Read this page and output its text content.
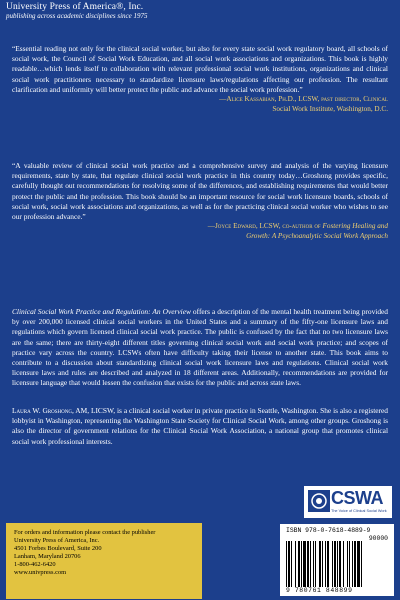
University Press of America®, Inc.
publishing across academic disciplines since 1975
“Essential reading not only for the clinical social worker, but also for every state social work regulatory board, all schools of social work, the Council of Social Work Education, and all social work associations and organizations. This book is highly readable…which lends itself to collaboration with relevant professional social work institutions, organizations and clinical social work practitioners necessary to standardize licensure laws/regulations affecting our profession. The resultant clarification and uniformity will better protect the public and advance the social work profession.”
—Alice Kassabian, Ph.D., LCSW, past director, Clinical
Social Work Institute, Washington, D.C.
“A valuable review of clinical social work practice and a comprehensive survey and analysis of the varying licensure requirements, state by state, that regulate clinical social work practice in this country today…Groshong provides specific, carefully thought out recommendations for resolving some of the differences, and establishing requirements that would better protect the public and the profession. This book should be an important resource for social work licensure boards, schools of social work, social work associations and organizations, as well as for the practicing clinical social worker who wishes to see our profession advance.”
—Joyce Edward, LCSW, co-author of Fostering Healing and
Growth: A Psychoanalytic Social Work Approach
Clinical Social Work Practice and Regulation: An Overview offers a description of the mental health treatment being provided by over 200,000 licensed clinical social workers in the United States and a summary of the fifty-one licensure laws and regulations which govern licensed clinical social work practice. The public is confused by the fact that no two licensure laws are the same; there are thirty-eight different titles governing clinical social work and social work practice; and scopes of practice vary across the country. LCSWs often have difficulty taking their license to another state. This book aims to contribute to a discussion about standardizing clinical social work licensure laws and regulations. Clinical social work licensure laws and rules are described and analyzed in 18 different areas. Additionally, recommendations are provided for licensure language that would lessen the confusion that exists for the public and across state laws.
Laura W. Groshong, AM, LICSW, is a clinical social worker in private practice in Seattle, Washington. She is also a registered lobbyist in Washington, representing the Washington State Society for Clinical Social Work, among other groups. Groshong is also the director of government relations for the Clinical Social Work Association, a national group that promotes clinical social work professional interests.
CSWA
The Voice of Clinical Social Work
For orders and information please contact the publisher
University Press of America, Inc.
4501 Forbes Boulevard, Suite 200
Lanham, Maryland 20706
1-800-462-6420
www.univpress.com
ISBN 978-0-7618-4889-9
90000
9 780761 848899
